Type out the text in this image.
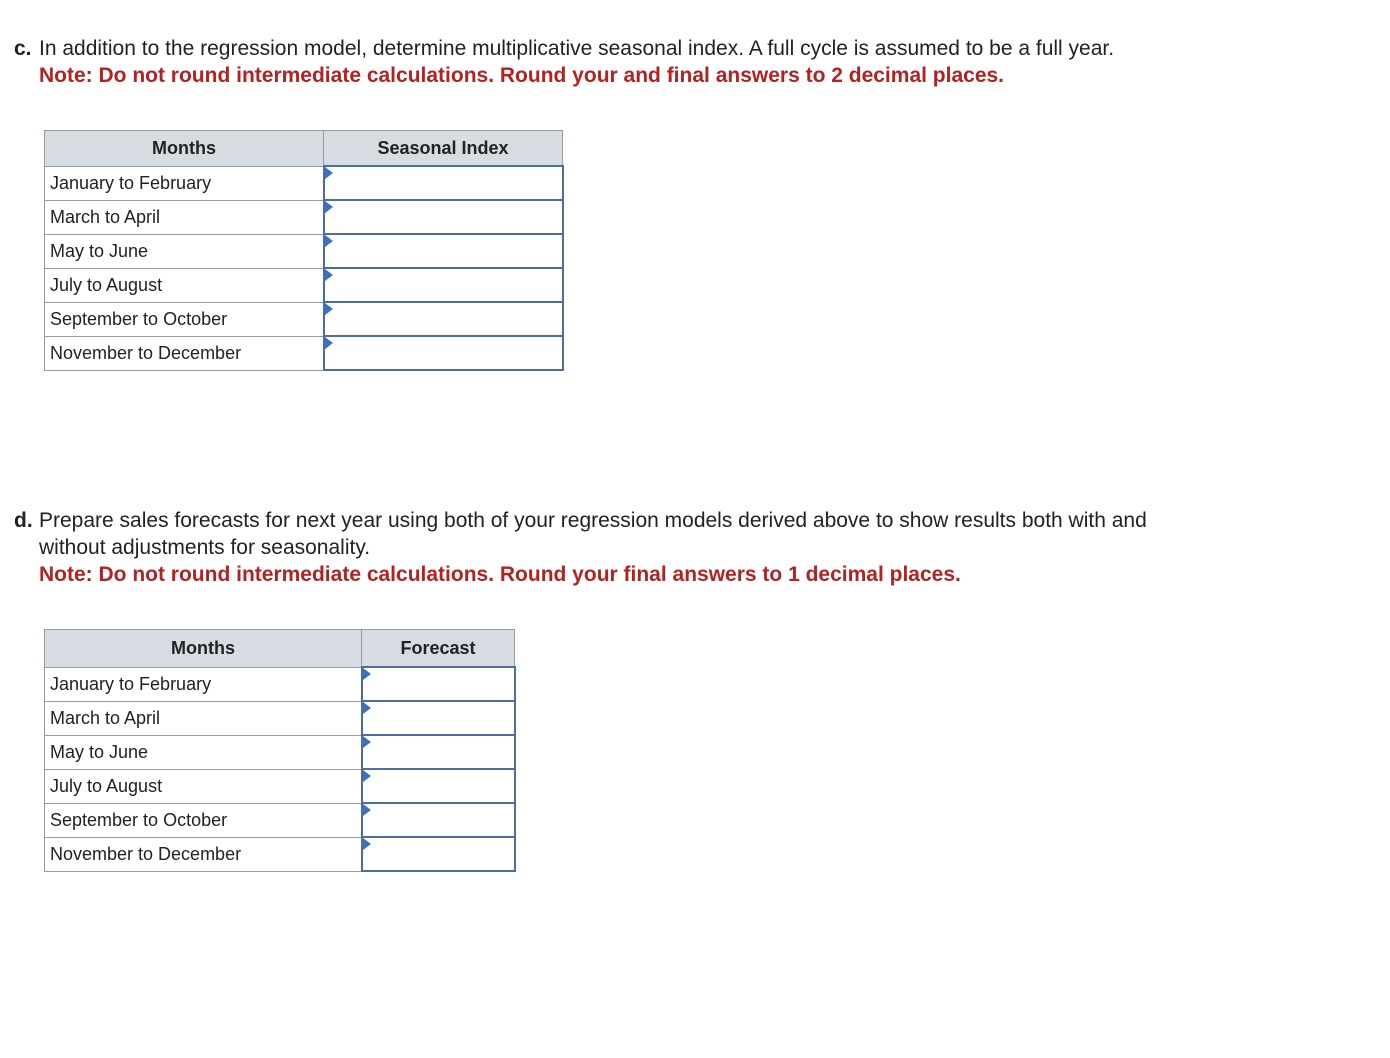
c. In addition to the regression model, determine multiplicative seasonal index. A full cycle is assumed to be a full year.
Note: Do not round intermediate calculations. Round your and final answers to 2 decimal places.
Months	Seasonal Index
January to February	

March to April	

May to June	

July to August	

September to October	

November to December	
d. Prepare sales forecasts for next year using both of your regression models derived above to show results both with and
without adjustments for seasonality.
Note: Do not round intermediate calculations. Round your final answers to 1 decimal places.
Months	Forecast
January to February	

March to April	

May to June	

July to August	

September to October	

November to December	
